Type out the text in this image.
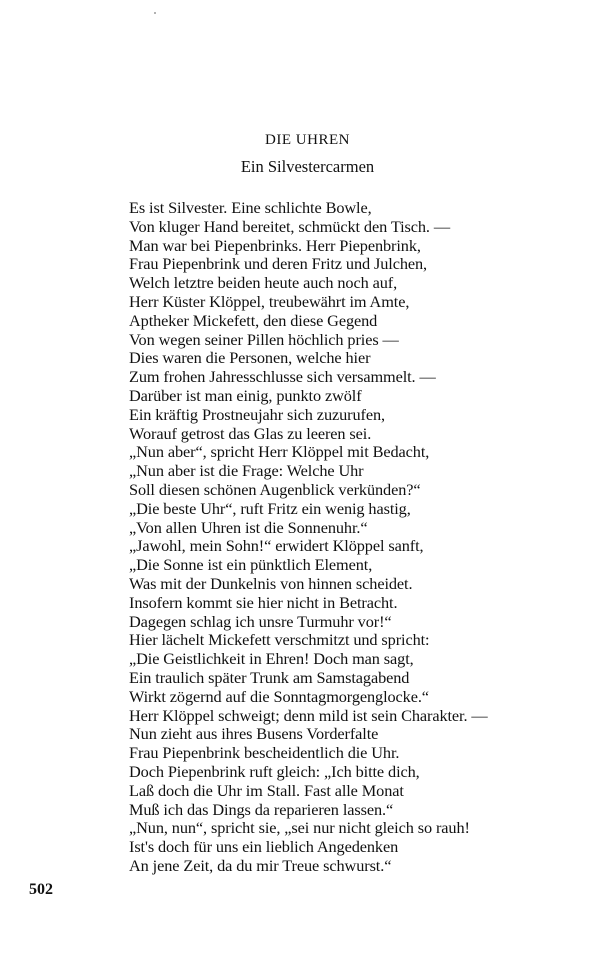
DIE UHREN
Ein Silvestercarmen
Es ist Silvester. Eine schlichte Bowle,
Von kluger Hand bereitet, schmückt den Tisch. —
Man war bei Piepenbrinks. Herr Piepenbrink,
Frau Piepenbrink und deren Fritz und Julchen,
Welch letztre beiden heute auch noch auf,
Herr Küster Klöppel, treubewährt im Amte,
Aptheker Mickefett, den diese Gegend
Von wegen seiner Pillen höchlich pries —
Dies waren die Personen, welche hier
Zum frohen Jahresschlusse sich versammelt. —
Darüber ist man einig, punkto zwölf
Ein kräftig Prostneujahr sich zuzurufen,
Worauf getrost das Glas zu leeren sei.
„Nun aber“, spricht Herr Klöppel mit Bedacht,
„Nun aber ist die Frage: Welche Uhr
Soll diesen schönen Augenblick verkünden?“
„Die beste Uhr“, ruft Fritz ein wenig hastig,
„Von allen Uhren ist die Sonnenuhr.“
„Jawohl, mein Sohn!“ erwidert Klöppel sanft,
„Die Sonne ist ein pünktlich Element,
Was mit der Dunkelnis von hinnen scheidet.
Insofern kommt sie hier nicht in Betracht.
Dagegen schlag ich unsre Turmuhr vor!“
Hier lächelt Mickefett verschmitzt und spricht:
„Die Geistlichkeit in Ehren! Doch man sagt,
Ein traulich später Trunk am Samstagabend
Wirkt zögernd auf die Sonntagmorgenglocke.“
Herr Klöppel schweigt; denn mild ist sein Charakter. —
Nun zieht aus ihres Busens Vorderfalte
Frau Piepenbrink bescheidentlich die Uhr.
Doch Piepenbrink ruft gleich: „Ich bitte dich,
Laß doch die Uhr im Stall. Fast alle Monat
Muß ich das Dings da reparieren lassen.“
„Nun, nun“, spricht sie, „sei nur nicht gleich so rauh!
Ist's doch für uns ein lieblich Angedenken
An jene Zeit, da du mir Treue schwurst.“
502
